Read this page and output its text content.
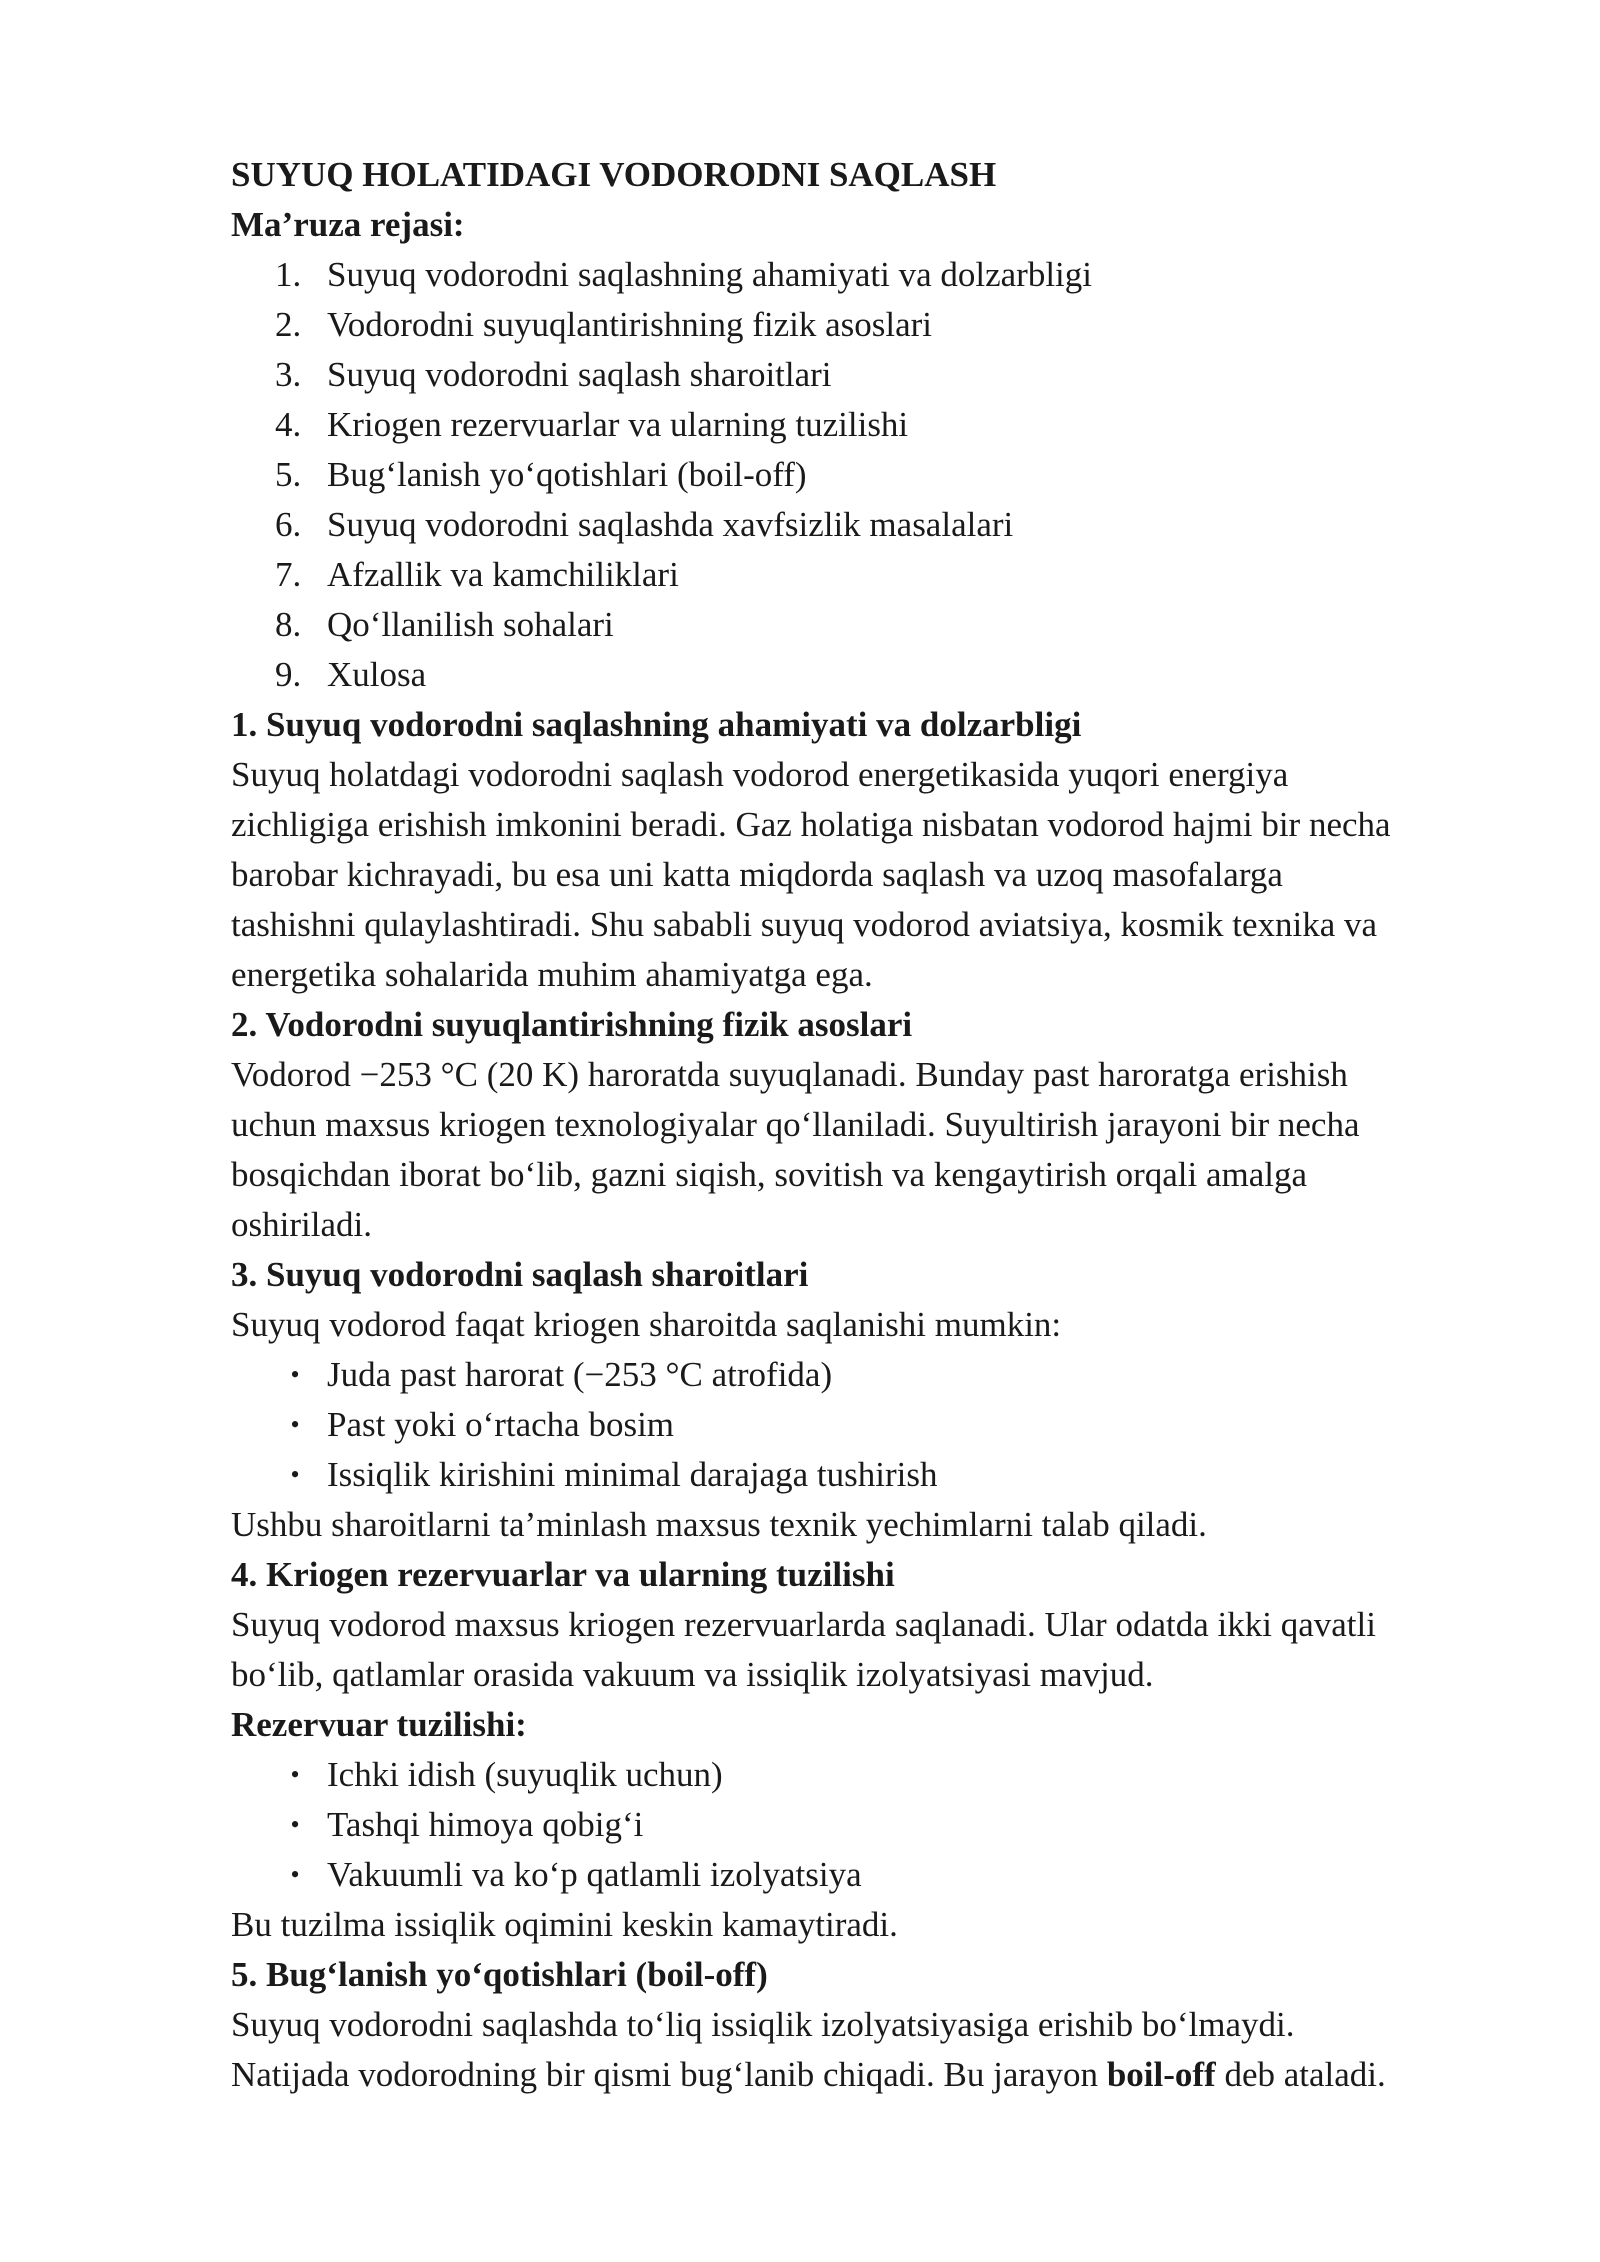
SUYUQ HOLATIDAGI VODORODNI SAQLASH

Ma’ruza rejasi:

1. Suyuq vodorodni saqlashning ahamiyati va dolzarbligi
2. Vodorodni suyuqlantirishning fizik asoslari
3. Suyuq vodorodni saqlash sharoitlari
4. Kriogen rezervuarlar va ularning tuzilishi
5. Bug‘lanish yo‘qotishlari (boil-off)
6. Suyuq vodorodni saqlashda xavfsizlik masalalari
7. Afzallik va kamchiliklari
8. Qo‘llanilish sohalari
9. Xulosa

1. Suyuq vodorodni saqlashning ahamiyati va dolzarbligi

Suyuq holatdagi vodorodni saqlash vodorod energetikasida yuqori energiya

zichligiga erishish imkonini beradi. Gaz holatiga nisbatan vodorod hajmi bir necha

barobar kichrayadi, bu esa uni katta miqdorda saqlash va uzoq masofalarga

tashishni qulaylashtiradi. Shu sababli suyuq vodorod aviatsiya, kosmik texnika va

energetika sohalarida muhim ahamiyatga ega.

2. Vodorodni suyuqlantirishning fizik asoslari

Vodorod −253 °C (20 K) haroratda suyuqlanadi. Bunday past haroratga erishish

uchun maxsus kriogen texnologiyalar qo‘llaniladi. Suyultirish jarayoni bir necha

bosqichdan iborat bo‘lib, gazni siqish, sovitish va kengaytirish orqali amalga

oshiriladi.

3. Suyuq vodorodni saqlash sharoitlari

Suyuq vodorod faqat kriogen sharoitda saqlanishi mumkin:

• Juda past harorat (−253 °C atrofida)
• Past yoki o‘rtacha bosim
• Issiqlik kirishini minimal darajaga tushirish

Ushbu sharoitlarni ta’minlash maxsus texnik yechimlarni talab qiladi.

4. Kriogen rezervuarlar va ularning tuzilishi

Suyuq vodorod maxsus kriogen rezervuarlarda saqlanadi. Ular odatda ikki qavatli

bo‘lib, qatlamlar orasida vakuum va issiqlik izolyatsiyasi mavjud.

Rezervuar tuzilishi:

• Ichki idish (suyuqlik uchun)
• Tashqi himoya qobig‘i
• Vakuumli va ko‘p qatlamli izolyatsiya

Bu tuzilma issiqlik oqimini keskin kamaytiradi.

5. Bug‘lanish yo‘qotishlari (boil-off)

Suyuq vodorodni saqlashda to‘liq issiqlik izolyatsiyasiga erishib bo‘lmaydi.

Natijada vodorodning bir qismi bug‘lanib chiqadi. Bu jarayon boil-off deb ataladi.
